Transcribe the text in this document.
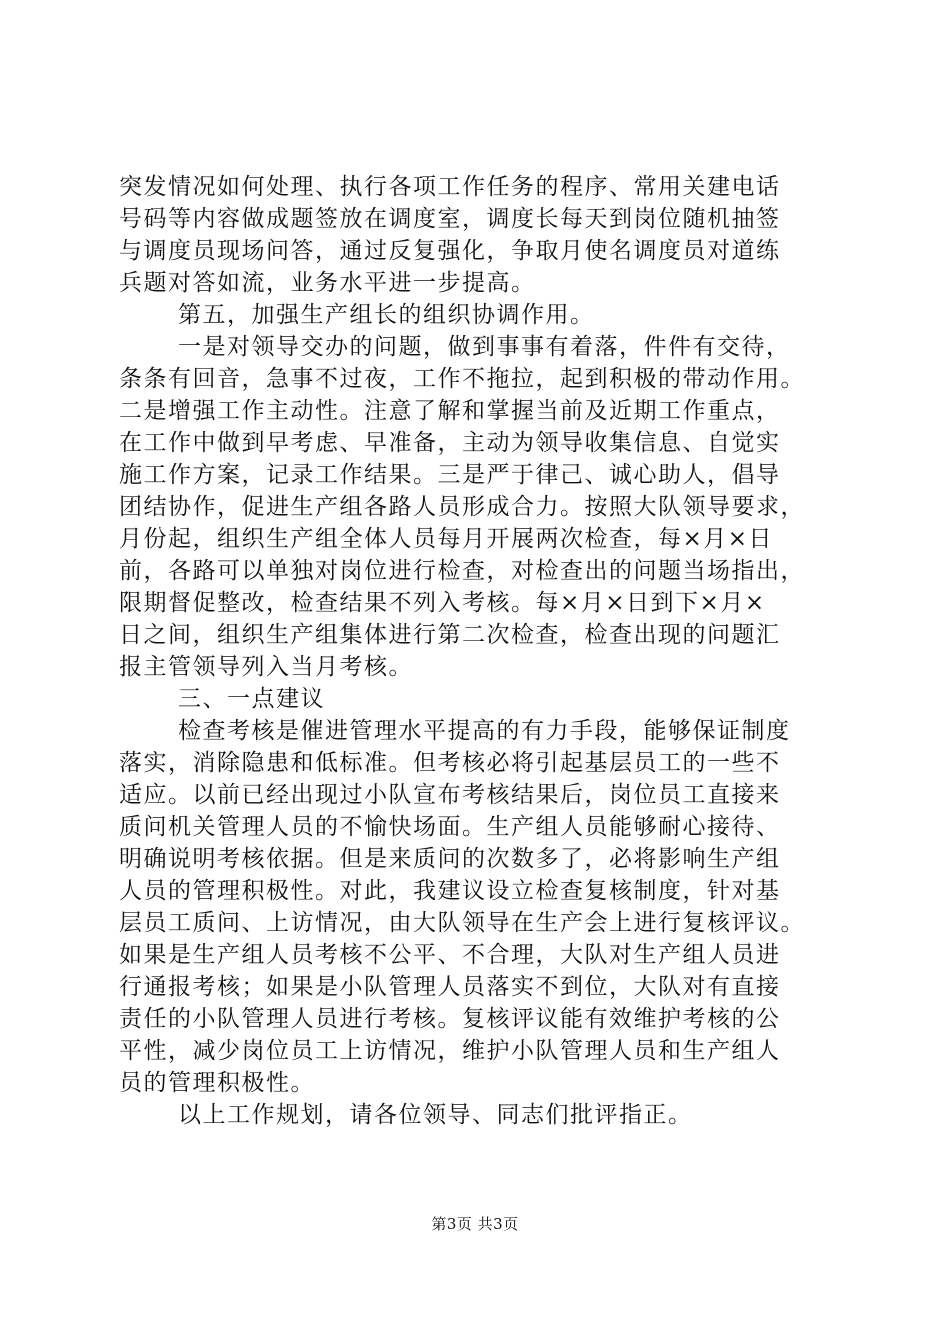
突发情况如何处理、执行各项工作任务的程序、常用关建电话
号码等内容做成题签放在调度室，调度长每天到岗位随机抽签
与调度员现场问答，通过反复强化，争取月使名调度员对道练
兵题对答如流，业务水平进一步提高。
第五，加强生产组长的组织协调作用。
一是对领导交办的问题，做到事事有着落，件件有交待，
条条有回音，急事不过夜，工作不拖拉，起到积极的带动作用。
二是增强工作主动性。注意了解和掌握当前及近期工作重点，
在工作中做到早考虑、早准备，主动为领导收集信息、自觉实
施工作方案，记录工作结果。三是严于律己、诚心助人，倡导
团结协作，促进生产组各路人员形成合力。按照大队领导要求，
月份起，组织生产组全体人员每月开展两次检查，每×月×日
前，各路可以单独对岗位进行检查，对检查出的问题当场指出，
限期督促整改，检查结果不列入考核。每×月×日到下×月×
日之间，组织生产组集体进行第二次检查，检查出现的问题汇
报主管领导列入当月考核。
三、一点建议
检查考核是催进管理水平提高的有力手段，能够保证制度
落实，消除隐患和低标准。但考核必将引起基层员工的一些不
适应。以前已经出现过小队宣布考核结果后，岗位员工直接来
质问机关管理人员的不愉快场面。生产组人员能够耐心接待、
明确说明考核依据。但是来质问的次数多了，必将影响生产组
人员的管理积极性。对此，我建议设立检查复核制度，针对基
层员工质问、上访情况，由大队领导在生产会上进行复核评议。
如果是生产组人员考核不公平、不合理，大队对生产组人员进
行通报考核；如果是小队管理人员落实不到位，大队对有直接
责任的小队管理人员进行考核。复核评议能有效维护考核的公
平性，减少岗位员工上访情况，维护小队管理人员和生产组人
员的管理积极性。
以上工作规划，请各位领导、同志们批评指正。
第3页 共3页
